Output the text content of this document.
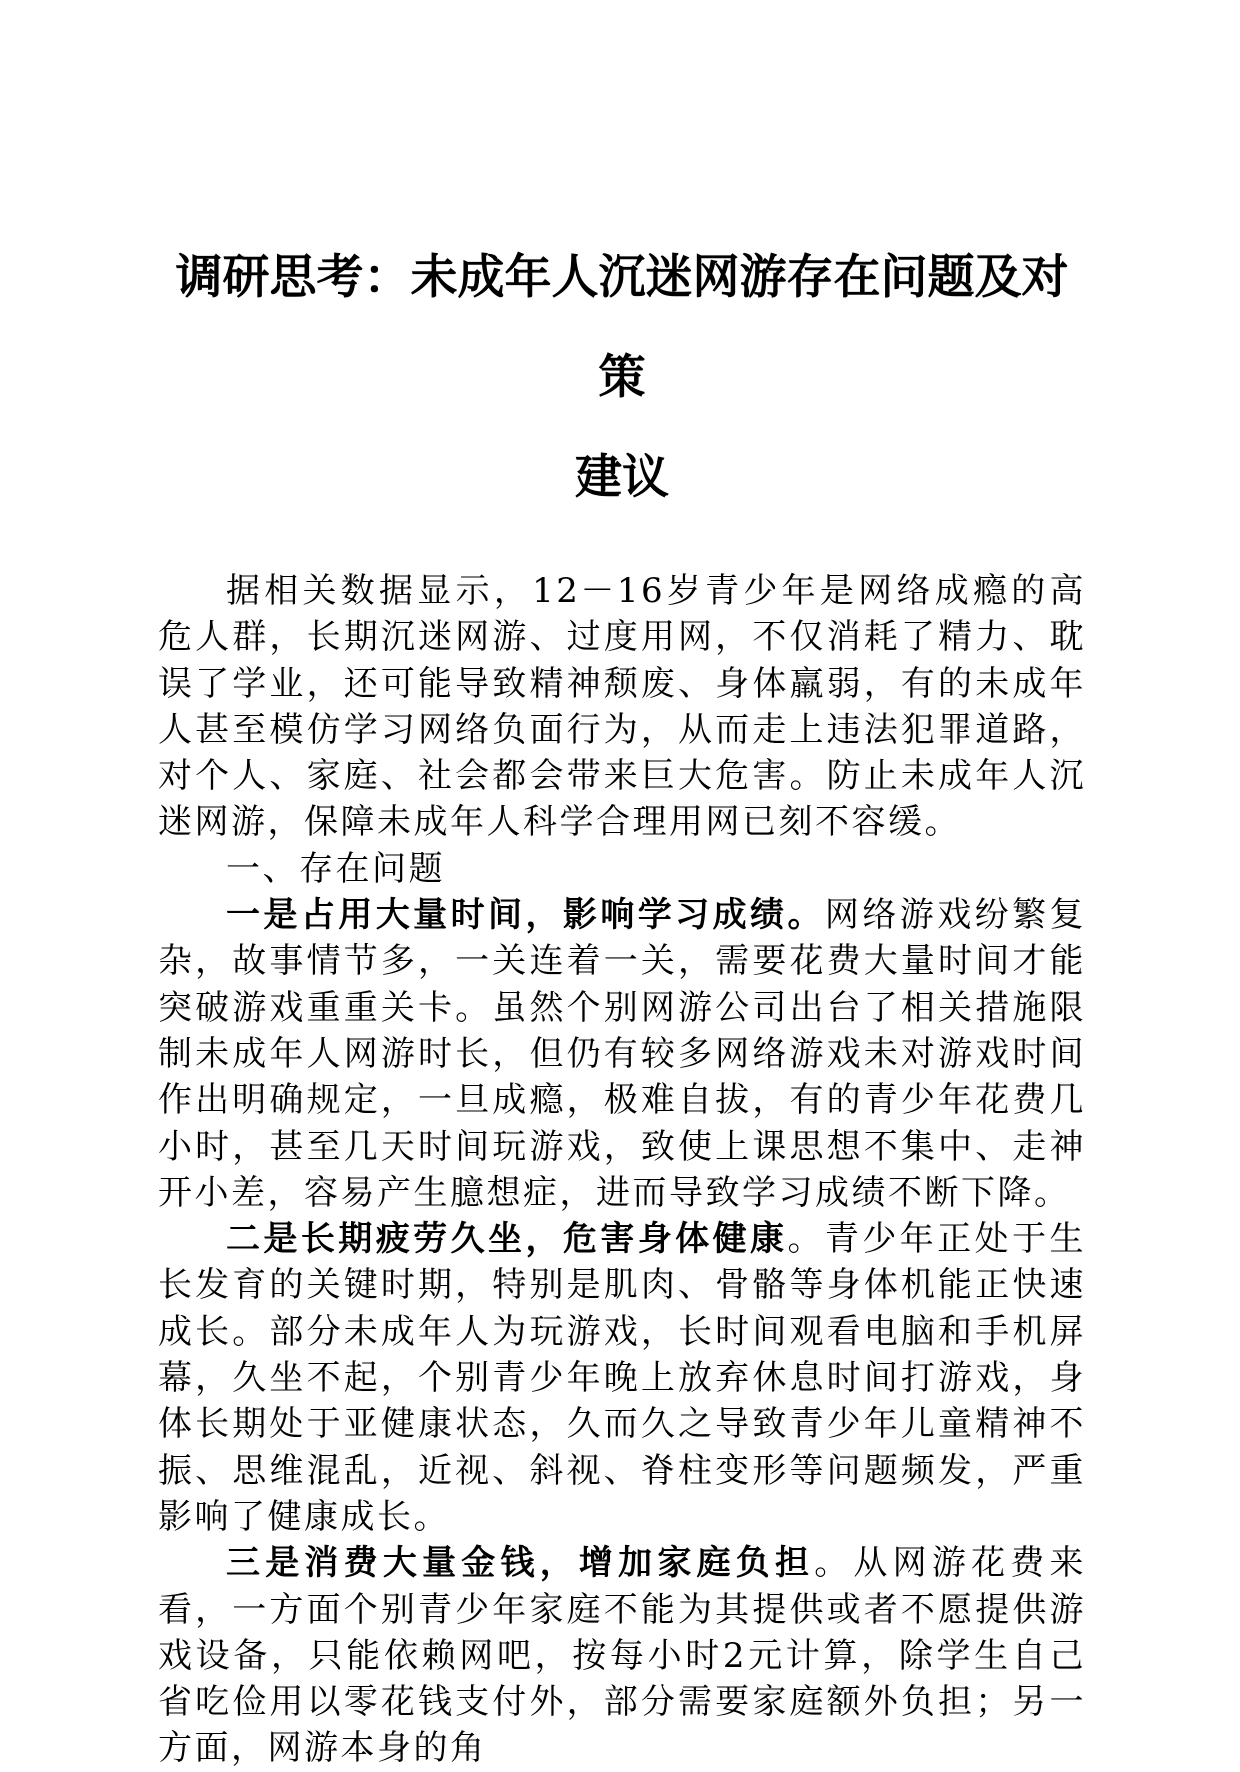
调研思考：未成年人沉迷网游存在问题及对策
建议

据相关数据显示，12－16岁青少年是网络成瘾的高危人群，长期沉迷网游、过度用网，不仅消耗了精力、耽误了学业，还可能导致精神颓废、身体羸弱，有的未成年人甚至模仿学习网络负面行为，从而走上违法犯罪道路，对个人、家庭、社会都会带来巨大危害。防止未成年人沉迷网游，保障未成年人科学合理用网已刻不容缓。

一、存在问题

一是占用大量时间，影响学习成绩。网络游戏纷繁复杂，故事情节多，一关连着一关，需要花费大量时间才能突破游戏重重关卡。虽然个别网游公司出台了相关措施限制未成年人网游时长，但仍有较多网络游戏未对游戏时间作出明确规定，一旦成瘾，极难自拔，有的青少年花费几小时，甚至几天时间玩游戏，致使上课思想不集中、走神开小差，容易产生臆想症，进而导致学习成绩不断下降。

二是长期疲劳久坐，危害身体健康。青少年正处于生长发育的关键时期，特别是肌肉、骨骼等身体机能正快速成长。部分未成年人为玩游戏，长时间观看电脑和手机屏幕，久坐不起，个别青少年晚上放弃休息时间打游戏，身体长期处于亚健康状态，久而久之导致青少年儿童精神不振、思维混乱，近视、斜视、脊柱变形等问题频发，严重影响了健康成长。

三是消费大量金钱，增加家庭负担。从网游花费来看，一方面个别青少年家庭不能为其提供或者不愿提供游戏设备，只能依赖网吧，按每小时2元计算，除学生自己省吃俭用以零花钱支付外，部分需要家庭额外负担；另一方面，网游本身的角
